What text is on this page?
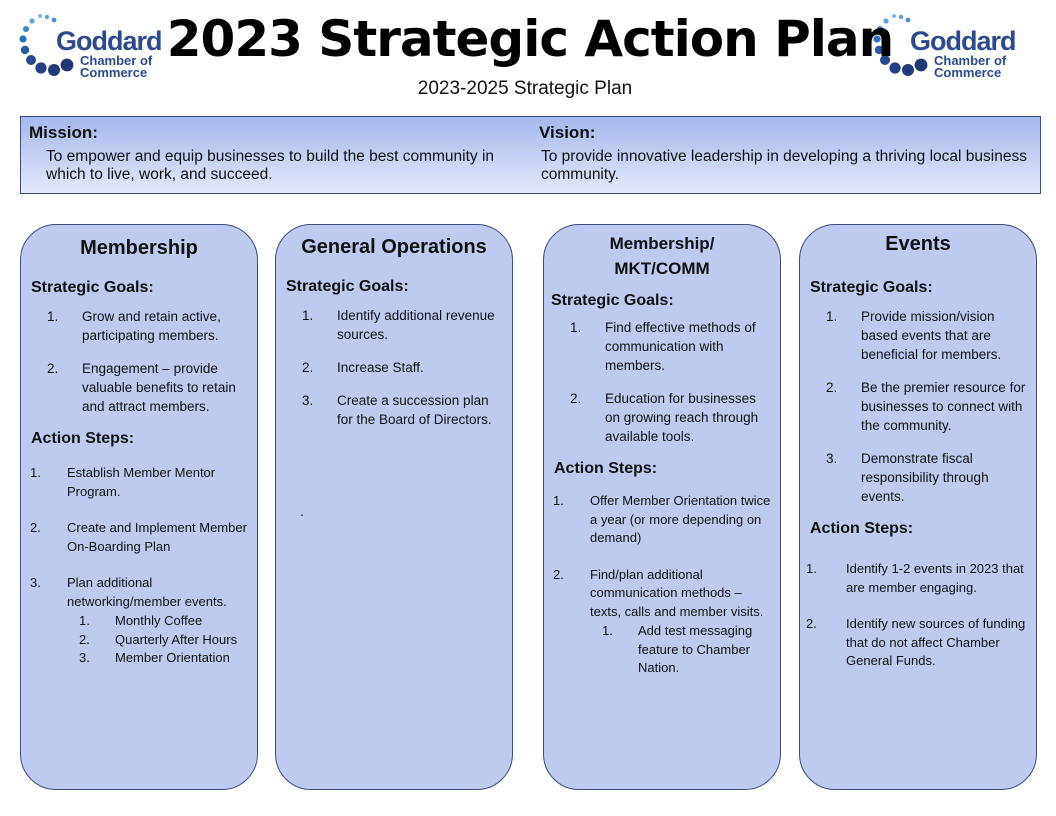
Goddard
Chamber of
Commerce
Goddard
Chamber of
Commerce
2023 Strategic Action Plan
2023-2025 Strategic Plan
Mission:
To empower and equip businesses to build the best community in which to live, work, and succeed.
Vision:
To provide innovative leadership in developing a thriving local business community.
Membership
Strategic Goals:
1. Grow and retain active, participating members.
2. Engagement – provide valuable benefits to retain and attract members.
Action Steps:
1. Establish Member Mentor Program.
2. Create and Implement Member On-Boarding Plan
3. Plan additional networking/member events.
1. Monthly Coffee
2. Quarterly After Hours
3. Member Orientation
General Operations
Strategic Goals:
1. Identify additional revenue sources.
2. Increase Staff.
3. Create a succession plan for the Board of Directors.
.
Membership/
MKT/COMM
Strategic Goals:
1. Find effective methods of communication with members.
2. Education for businesses on growing reach through available tools.
Action Steps:
1. Offer Member Orientation twice a year (or more depending on demand)
2. Find/plan additional communication methods – texts, calls and member visits.
1. Add test messaging feature to Chamber Nation.
Events
Strategic Goals:
1. Provide mission/vision based events that are beneficial for members.
2. Be the premier resource for businesses to connect with the community.
3. Demonstrate fiscal responsibility through events.
Action Steps:
1. Identify 1-2 events in 2023 that are member engaging.
2. Identify new sources of funding that do not affect Chamber General Funds.
